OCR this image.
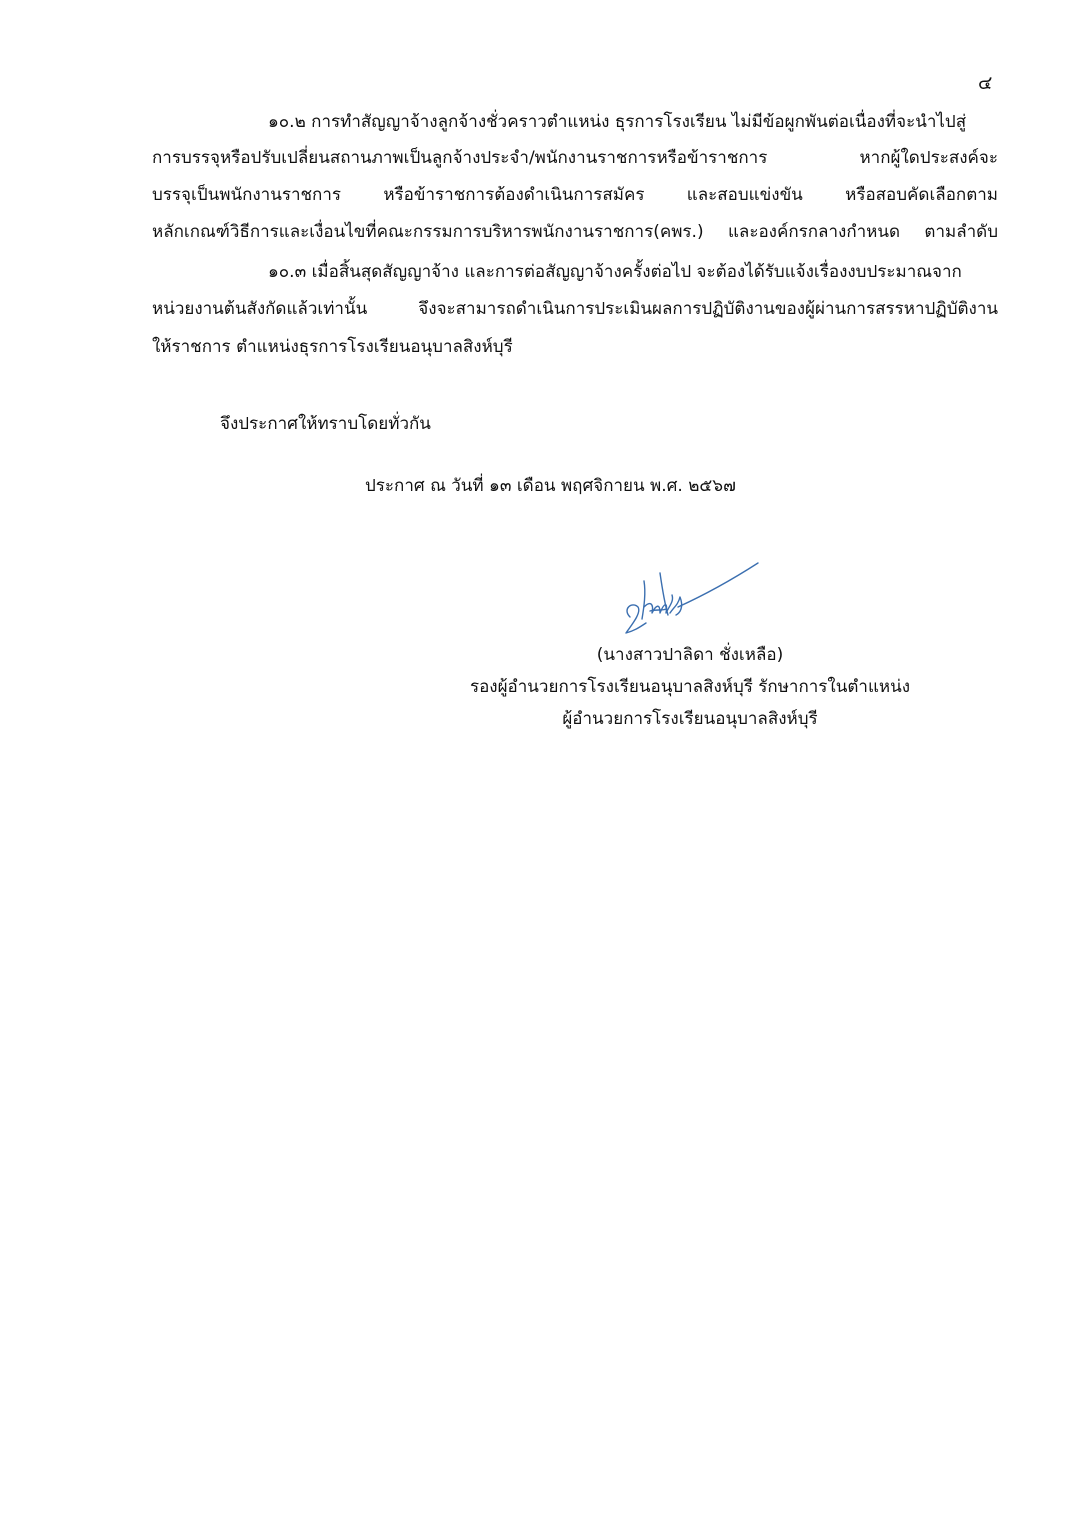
๔
๑๐.๒ การทำสัญญาจ้างลูกจ้างชั่วคราวตำแหน่ง ธุรการโรงเรียน ไม่มีข้อผูกพันต่อเนื่องที่จะนำไปสู่
การบรรจุหรือปรับเปลี่ยนสถานภาพเป็นลูกจ้างประจำ/พนักงานราชการหรือข้าราชการ หากผู้ใดประสงค์จะ
บรรจุเป็นพนักงานราชการ หรือข้าราชการต้องดำเนินการสมัคร และสอบแข่งขัน หรือสอบคัดเลือกตาม
หลักเกณฑ์วิธีการและเงื่อนไขที่คณะกรรมการบริหารพนักงานราชการ(คพร.) และองค์กรกลางกำหนด ตามลำดับ
๑๐.๓ เมื่อสิ้นสุดสัญญาจ้าง และการต่อสัญญาจ้างครั้งต่อไป จะต้องได้รับแจ้งเรื่องงบประมาณจาก
หน่วยงานต้นสังกัดแล้วเท่านั้น จึงจะสามารถดำเนินการประเมินผลการปฏิบัติงานของผู้ผ่านการสรรหาปฏิบัติงาน
ให้ราชการ ตำแหน่งธุรการโรงเรียนอนุบาลสิงห์บุรี
จึงประกาศให้ทราบโดยทั่วกัน
ประกาศ ณ วันที่ ๑๓ เดือน พฤศจิกายน พ.ศ. ๒๕๖๗
(นางสาวปาลิดา ชั่งเหลือ)
รองผู้อำนวยการโรงเรียนอนุบาลสิงห์บุรี รักษาการในตำแหน่ง
ผู้อำนวยการโรงเรียนอนุบาลสิงห์บุรี
